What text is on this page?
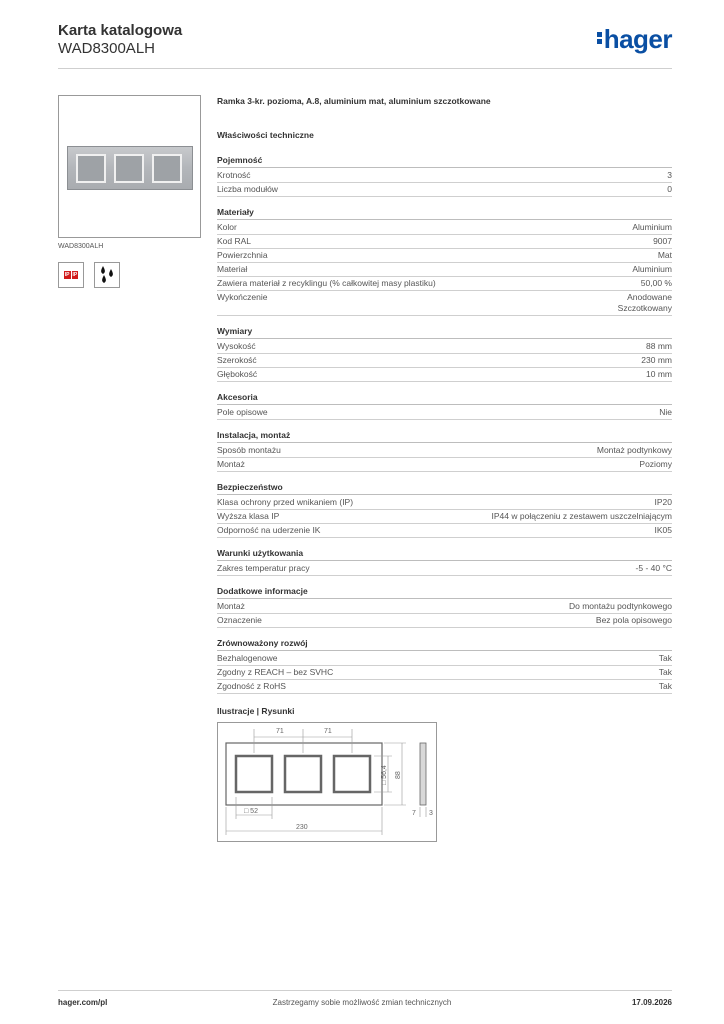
Karta katalogowa
WAD8300ALH	hager
WAD8300ALH
IP IP
Ramka 3-kr. pozioma, A.8, aluminium mat, aluminium szczotkowane
Właściwości techniczne
Pojemność
Krotność	3
Liczba modułów	0
Materiały
Kolor	Aluminium
Kod RAL	9007
Powierzchnia	Mat
Materiał	Aluminium
Zawiera materiał z recyklingu (% całkowitej masy plastiku)	50,00 %
Wykończenie	Anodowane
Szczotkowany
Wymiary
Wysokość	88 mm
Szerokość	230 mm
Głębokość	10 mm
Akcesoria
Pole opisowe	Nie
Instalacja, montaż
Sposób montażu	Montaż podtynkowy
Montaż	Poziomy
Bezpieczeństwo
Klasa ochrony przed wnikaniem (IP)	IP20
Wyższa klasa IP	IP44 w połączeniu z zestawem uszczelniającym
Odporność na uderzenie IK	IK05
Warunki użytkowania
Zakres temperatur pracy	-5 - 40 °C
Dodatkowe informacje
Montaż	Do montażu podtynkowego
Oznaczenie	Bez pola opisowego
Zrównoważony rozwój
Bezhalogenowe	Tak
Zgodny z REACH – bez SVHC	Tak
Zgodność z RoHS	Tak
Ilustracje | Rysunki
71	71
□ 52
230
□ 56,4 88
7 3
hager.com/pl	Zastrzegamy sobie możliwość zmian technicznych	17.09.2026
